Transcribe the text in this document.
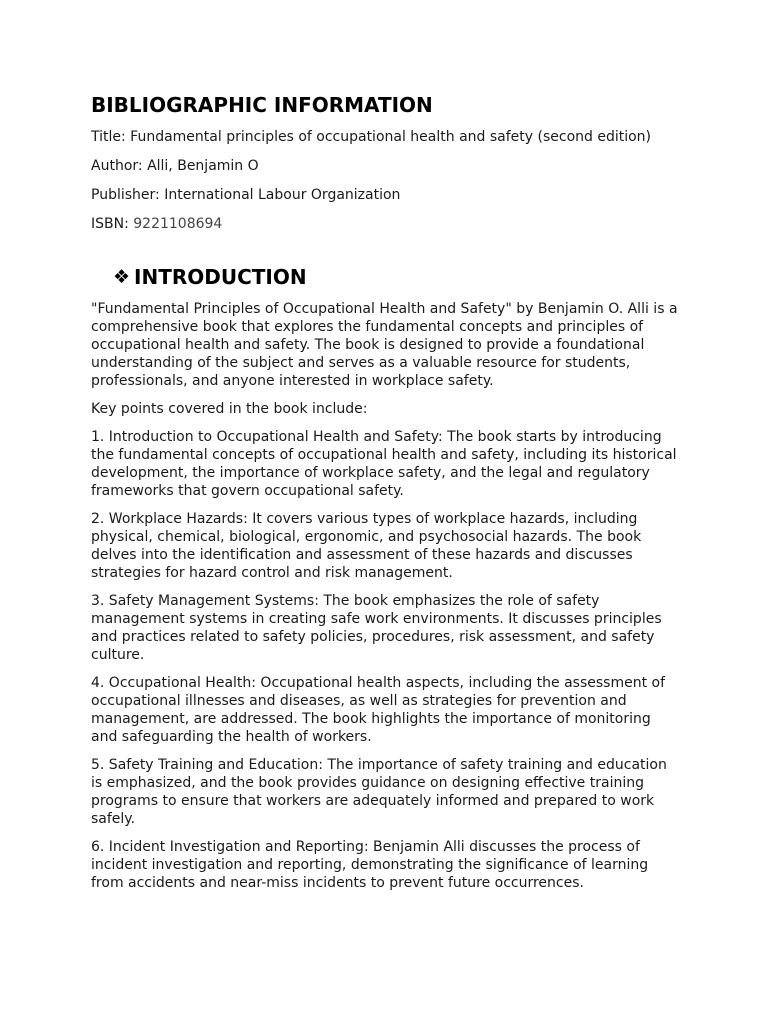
BIBLIOGRAPHIC INFORMATION
Title: Fundamental principles of occupational health and safety (second edition)
Author: Alli, Benjamin O
Publisher: International Labour Organization
ISBN: 9221108694
❖ INTRODUCTION

"Fundamental Principles of Occupational Health and Safety" by Benjamin O. Alli is a comprehensive book that explores the fundamental concepts and principles of occupational health and safety. The book is designed to provide a foundational understanding of the subject and serves as a valuable resource for students, professionals, and anyone interested in workplace safety.

Key points covered in the book include:

1. Introduction to Occupational Health and Safety: The book starts by introducing the fundamental concepts of occupational health and safety, including its historical development, the importance of workplace safety, and the legal and regulatory frameworks that govern occupational safety.

2. Workplace Hazards: It covers various types of workplace hazards, including physical, chemical, biological, ergonomic, and psychosocial hazards. The book delves into the identification and assessment of these hazards and discusses strategies for hazard control and risk management.

3. Safety Management Systems: The book emphasizes the role of safety management systems in creating safe work environments. It discusses principles and practices related to safety policies, procedures, risk assessment, and safety culture.

4. Occupational Health: Occupational health aspects, including the assessment of occupational illnesses and diseases, as well as strategies for prevention and management, are addressed. The book highlights the importance of monitoring and safeguarding the health of workers.

5. Safety Training and Education: The importance of safety training and education is emphasized, and the book provides guidance on designing effective training programs to ensure that workers are adequately informed and prepared to work safely.

6. Incident Investigation and Reporting: Benjamin Alli discusses the process of incident investigation and reporting, demonstrating the significance of learning from accidents and near-miss incidents to prevent future occurrences.
